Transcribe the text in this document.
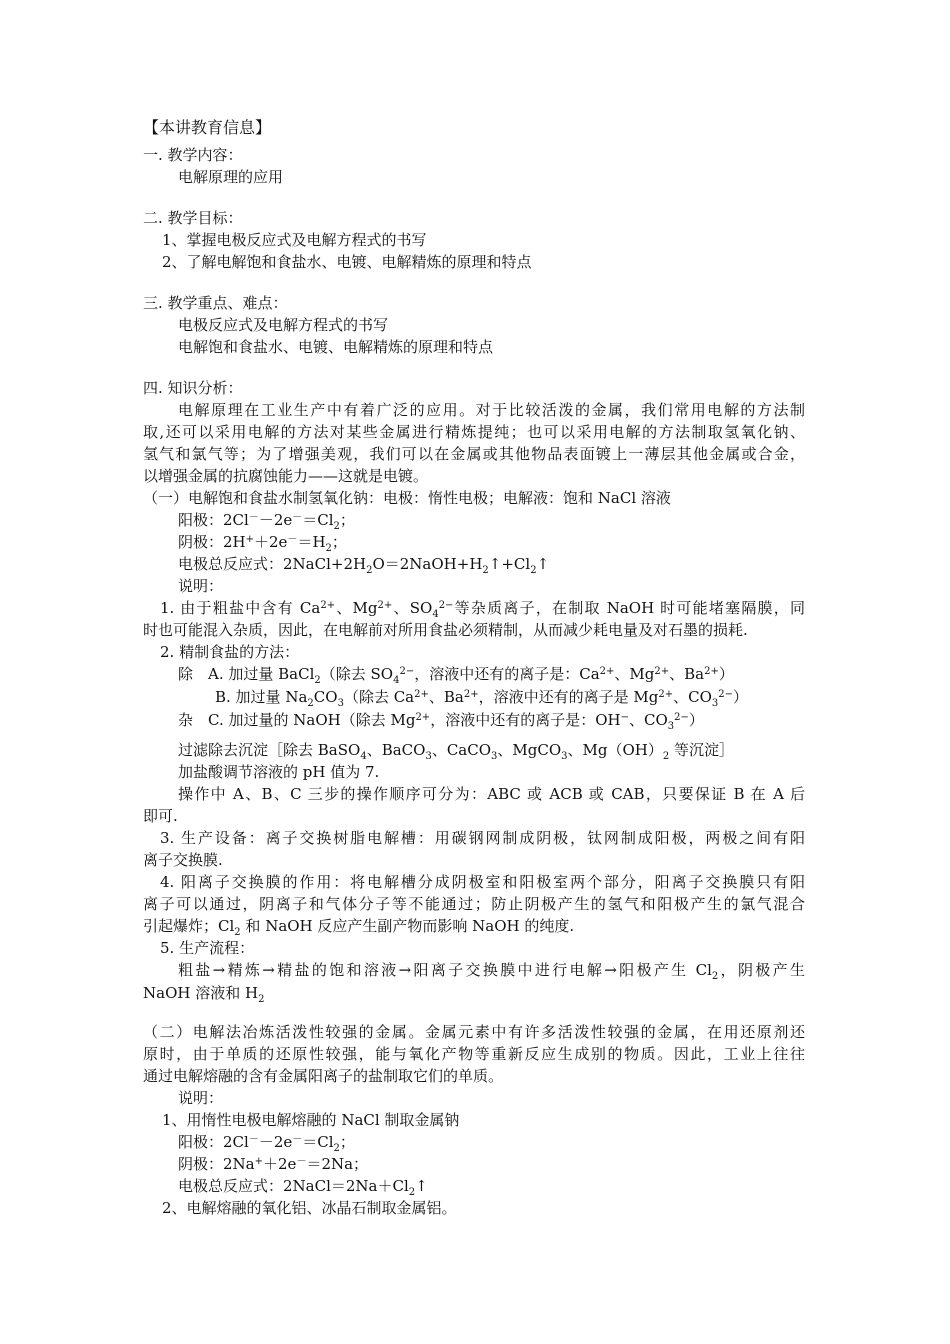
【本讲教育信息】
一. 教学内容：
电解原理的应用
二. 教学目标：
1、掌握电极反应式及电解方程式的书写
2、了解电解饱和食盐水、电镀、电解精炼的原理和特点
三. 教学重点、难点：
电极反应式及电解方程式的书写
电解饱和食盐水、电镀、电解精炼的原理和特点
四. 知识分析：
电解原理在工业生产中有着广泛的应用。对于比较活泼的金属，我们常用电解的方法制
取,还可以采用电解的方法对某些金属进行精炼提纯；也可以采用电解的方法制取氢氧化钠、
氢气和氯气等；为了增强美观，我们可以在金属或其他物品表面镀上一薄层其他金属或合金，
以增强金属的抗腐蚀能力——这就是电镀。
（一）电解饱和食盐水制氢氧化钠：电极：惰性电极；电解液：饱和 NaCl 溶液
阳极：$2Cl^--2e^-=Cl_2$；
阴极：$2H^++2e^-=H_2$；
电极总反应式：$2NaCl+2H_2O=2NaOH+H_2↑+Cl_2↑$
说明：
1. 由于粗盐中含有 $Ca^{2+}$、$Mg^{2+}$、$SO_4^{2-}$等杂质离子，在制取 NaOH 时可能堵塞隔膜，同
时也可能混入杂质，因此，在电解前对所用食盐必须精制，从而减少耗电量及对石墨的损耗.
2. 精制食盐的方法：
除　A. 加过量 BaCl$_2$（除去 $SO_4^{2-}$，溶液中还有的离子是：$Ca^{2+}$、$Mg^{2+}$、$Ba^{2+}$）
B. 加过量 $Na_2CO_3$（除去 $Ca^{2+}$、$Ba^{2+}$，溶液中还有的离子是 $Mg^{2+}$、$CO_3^{2-}$）
杂　C. 加过量的 NaOH（除去 $Mg^{2+}$，溶液中还有的离子是：OH−、$CO_3^{2-}$）
过滤除去沉淀［除去 BaSO$_4$、BaCO$_3$、CaCO$_3$、MgCO$_3$、$Mg(OH)_2$ 等沉淀］
加盐酸调节溶液的 pH 值为 7.
操作中 A、B、C 三步的操作顺序可分为：ABC 或 ACB 或 CAB，只要保证 B 在 A 后
即可.
3. 生产设备：离子交换树脂电解槽：用碳钢网制成阴极，钛网制成阳极，两极之间有阳
离子交换膜.
4. 阳离子交换膜的作用：将电解槽分成阴极室和阳极室两个部分，阳离子交换膜只有阳
离子可以通过，阴离子和气体分子等不能通过；防止阴极产生的氢气和阳极产生的氯气混合
引起爆炸；$Cl_2$ 和 NaOH 反应产生副产物而影响 NaOH 的纯度.
5. 生产流程：
粗盐→精炼→精盐的饱和溶液→阳离子交换膜中进行电解→阳极产生 $Cl_2$，阴极产生
NaOH 溶液和 $H_2$
（二）电解法冶炼活泼性较强的金属。金属元素中有许多活泼性较强的金属，在用还原剂还
原时，由于单质的还原性较强，能与氧化产物等重新反应生成别的物质。因此，工业上往往
通过电解熔融的含有金属阳离子的盐制取它们的单质。
说明：
1、用惰性电极电解熔融的 NaCl 制取金属钠
阳极：$2Cl^--2e^-=Cl_2$；
阴极：2Na+＋2e－＝2Na；
电极总反应式：$2NaCl=2Na+Cl_2↑$
2、电解熔融的氧化铝、冰晶石制取金属铝。
